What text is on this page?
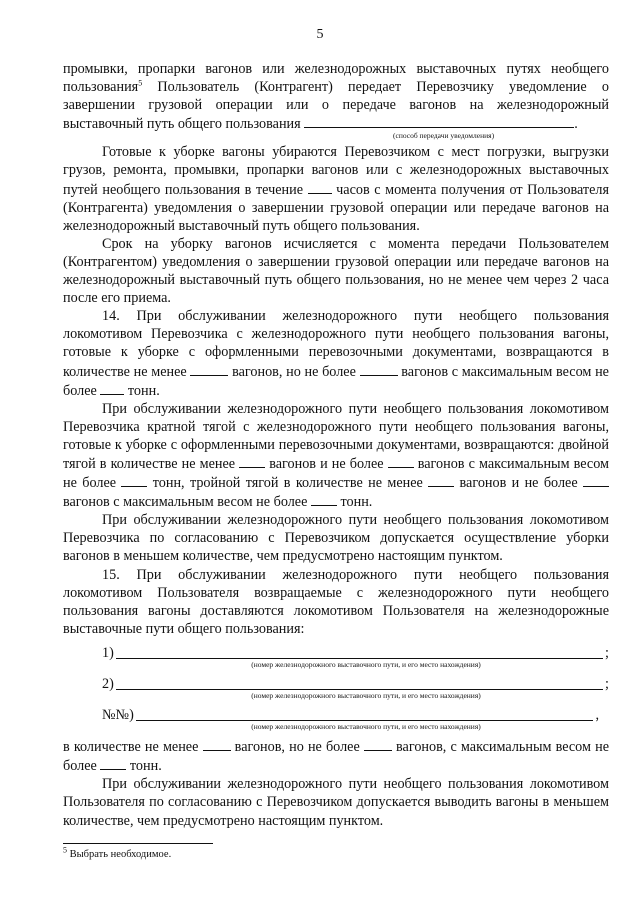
5

промывки, пропарки вагонов или железнодорожных выставочных путях необщего пользования$^5$ Пользователь (Контрагент) передает Перевозчику уведомление о завершении грузовой операции или о передаче вагонов на железнодорожный выставочный путь общего пользования	.

(способ передачи уведомления)

Готовые к уборке вагоны убираются Перевозчиком с мест погрузки, выгрузки грузов, ремонта, промывки, пропарки вагонов или с железнодорожных выставочных путей необщего пользования в течение  часов с момента получения от Пользователя (Контрагента) уведомления о завершении грузовой операции или передаче вагонов на железнодорожный выставочный путь общего пользования.

Срок на уборку вагонов исчисляется с момента передачи Пользователем (Контрагентом) уведомления о завершении грузовой операции или передаче вагонов на железнодорожный выставочный путь общего пользования, но не менее чем через 2 часа после его приема.

14. При обслуживании железнодорожного пути необщего пользования локомотивом Перевозчика с железнодорожного пути необщего пользования вагоны, готовые к уборке с оформленными перевозочными документами, возвращаются в количестве не менее	вагонов, но не более	вагонов с максимальным весом не более  тонн.

При обслуживании железнодорожного пути необщего пользования локомотивом Перевозчика кратной тягой с железнодорожного пути необщего пользования вагоны, готовые к уборке с оформленными перевозочными документами, возвращаются: двойной тягой в количестве не менее  вагонов и не более  вагонов с максимальным весом не более  тонн, тройной тягой в количестве не менее  вагонов и не более  вагонов с максимальным весом не более  тонн.

При обслуживании железнодорожного пути необщего пользования локомотивом Перевозчика по согласованию с Перевозчиком допускается осуществление уборки вагонов в меньшем количестве, чем предусмотрено настоящим пунктом.

15. При обслуживании железнодорожного пути необщего пользования локомотивом Пользователя возвращаемые с железнодорожного пути необщего пользования вагоны доставляются локомотивом Пользователя на железнодорожные выставочные пути общего пользования:

1)	;
(номер железнодорожного выставочного пути, и его место нахождения)
2)	;
(номер железнодорожного выставочного пути, и его место нахождения)
№№)	,
(номер железнодорожного выставочного пути, и его место нахождения)

в количестве не менее  вагонов, но не более  вагонов, с максимальным весом не более  тонн.

При обслуживании железнодорожного пути необщего пользования локомотивом Пользователя по согласованию с Перевозчиком допускается выводить вагоны в меньшем количестве, чем предусмотрено настоящим пунктом.

$^5$ Выбрать необходимое.
